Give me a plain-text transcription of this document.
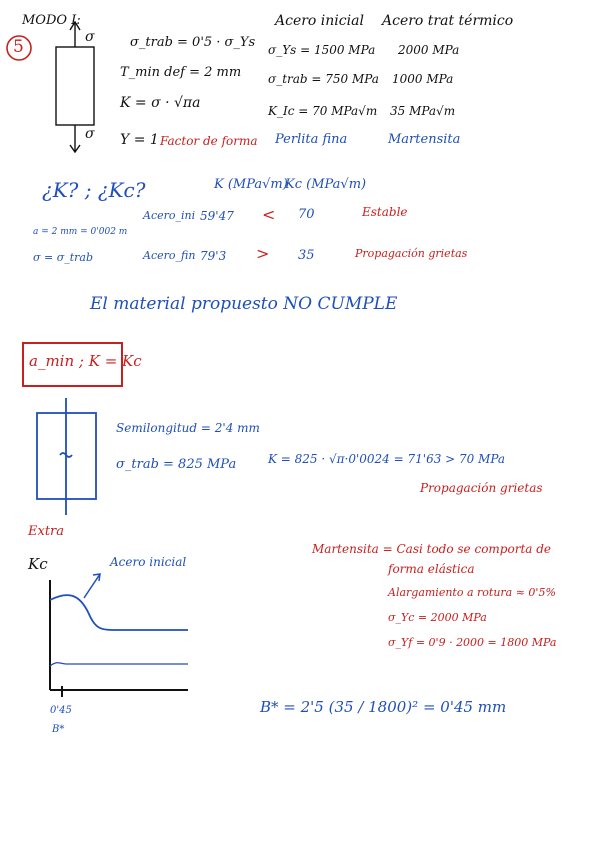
MODO I:
5
Acero inicial Acero trat térmico
σ
σ
σ_trab = 0'5 · σ_Ys
T_min def = 2 mm
K = σ · √πa
Y = 1 Factor de forma
σ_Ys = 1500 MPa 2000 MPa
σ_trab = 750 MPa 1000 MPa
K_Ic = 70 MPa√m 35 MPa√m
Perlita fina	Martensita
¿K? ; ¿Kc?	K (MPa√m)
Kc (MPa√m)
a = 2 mm = 0'002 m
σ = σ_trab
Acero_ini 59'47 < 70	Estable
Acero_fin 79'3 > 35	Propagación grietas
El material propuesto NO CUMPLE
a_min ; K = Kc
Semilongitud = 2'4 mm
σ_trab = 825 MPa	K = 825 · √π·0'0024 = 71'63 > 70 MPa
Propagación grietas
Extra
Kc	Acero inicial
0'45
B*
Martensita = Casi todo se comporta de
forma elástica
Alargamiento a rotura ≈ 0'5%
σ_Yc = 2000 MPa
σ_Yf = 0'9 · 2000 = 1800 MPa
B* = 2'5 (35 / 1800)² = 0'45 mm
